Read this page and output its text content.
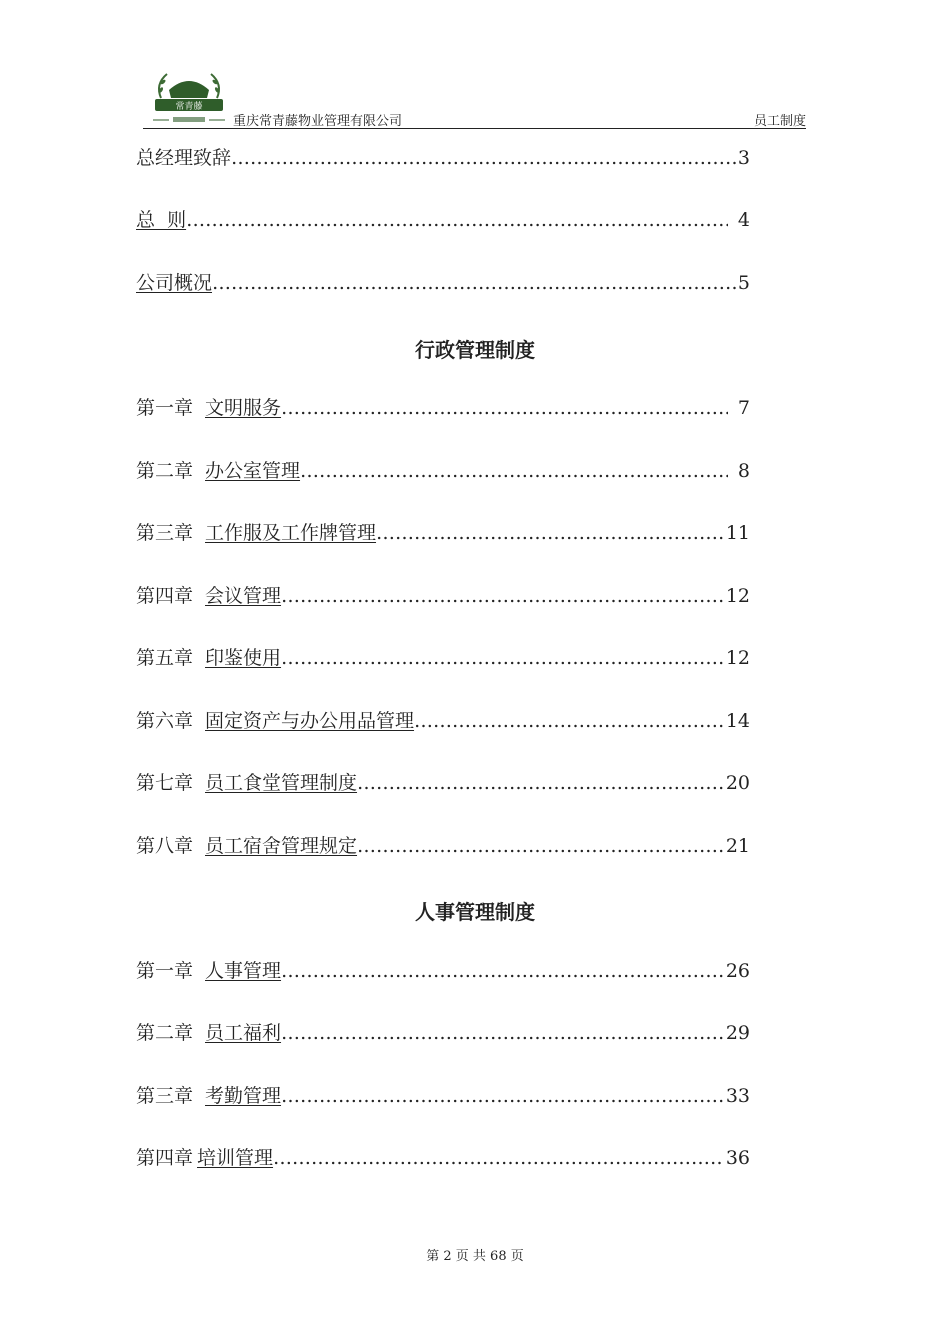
常青藤
重庆常青藤物业管理有限公司	员工制度
总经理致辞 ……………………………………………………………………………………………………………………………………………………	3
总  则 ……………………………………………………………………………………………………………………………………………………	4
公司概况 ……………………………………………………………………………………………………………………………………………………	5
行政管理制度
第一章 文明服务 ……………………………………………………………………………………………………………………………………………………	7
第二章 办公室管理 ……………………………………………………………………………………………………………………………………………………	8
第三章 工作服及工作牌管理 ……………………………………………………………………………………………………………………………………………………	11
第四章 会议管理 ……………………………………………………………………………………………………………………………………………………	12
第五章 印鉴使用 ……………………………………………………………………………………………………………………………………………………	12
第六章 固定资产与办公用品管理 ……………………………………………………………………………………………………………………………………………………	14
第七章 员工食堂管理制度 ……………………………………………………………………………………………………………………………………………………	20
第八章 员工宿舍管理规定 ……………………………………………………………………………………………………………………………………………………	21
人事管理制度
第一章 人事管理 ……………………………………………………………………………………………………………………………………………………	26
第二章 员工福利 ……………………………………………………………………………………………………………………………………………………	29
第三章 考勤管理 ……………………………………………………………………………………………………………………………………………………	33
第四章 培训管理 ……………………………………………………………………………………………………………………………………………………	36
第 2 页 共 68 页
